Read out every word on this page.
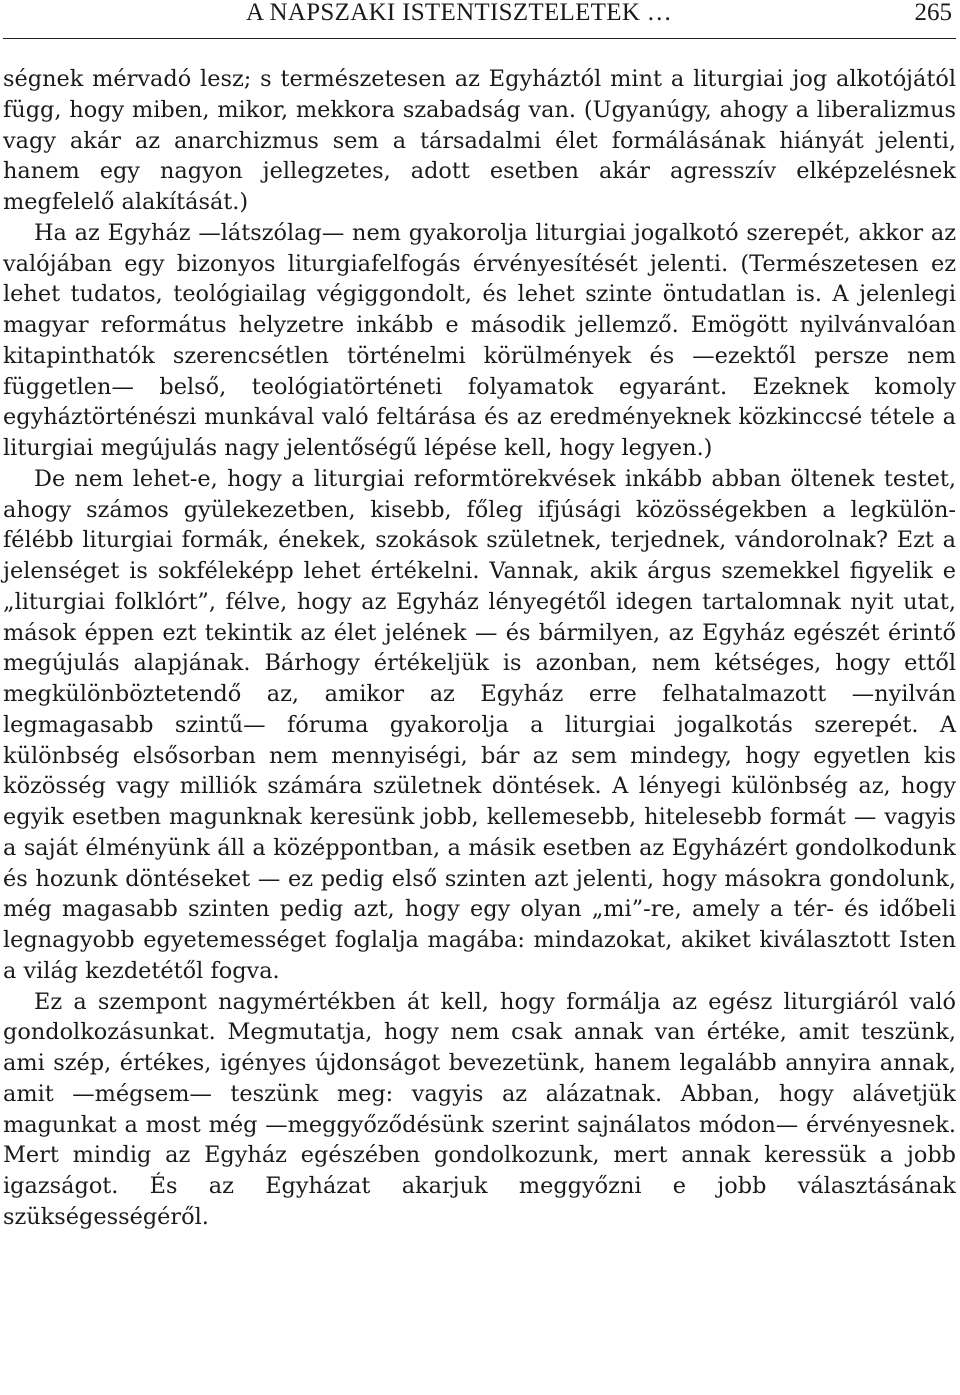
A NAPSZAKI ISTENTISZTELETEK …	265

ségnek mérvadó lesz; s természetesen az Egyháztól mint a liturgiai jog alkotójától függ, hogy miben, mikor, mekkora szabadság van. (Ugyanúgy, ahogy a liberalizmus vagy akár az anarchizmus sem a társadalmi élet formálásának hiányát jelenti, hanem egy nagyon jellegzetes, adott esetben akár agresszív elképzelésnek megfelelő alakítását.)

Ha az Egyház —látszólag— nem gyakorolja liturgiai jogalkotó szerepét, akkor az valójában egy bizonyos liturgiafelfogás érvényesítését jelenti. (Természetesen ez lehet tudatos, teológiailag végiggondolt, és lehet szinte öntudatlan is. A jelenlegi magyar református helyzetre inkább e második jellemző. Emögött nyilvánvalóan kitapinthatók szerencsétlen történelmi körülmények és —ezektől persze nem független— belső, teológiatörténeti folyamatok egyaránt. Ezeknek komoly egyháztörténészi munkával való feltárása és az eredményeknek közkinccsé tétele a liturgiai megújulás nagy jelentőségű lépése kell, hogy legyen.)

De nem lehet-e, hogy a liturgiai reformtörekvések inkább abban öltenek testet, ahogy számos gyülekezetben, kisebb, főleg ifjúsági közösségekben a legkülönfélébb liturgiai formák, énekek, szokások születnek, terjednek, vándorolnak? Ezt a jelenséget is sokféleképp lehet értékelni. Vannak, akik árgus szemekkel figyelik e „liturgiai folklórt”, félve, hogy az Egyház lényegétől idegen tartalomnak nyit utat, mások éppen ezt tekintik az élet jelének — és bármilyen, az Egyház egészét érintő megújulás alapjának. Bárhogy értékeljük is azonban, nem kétséges, hogy ettől megkülönböztetendő az, amikor az Egyház erre felhatalmazott —nyilván legmagasabb szintű— fóruma gyakorolja a liturgiai jogalkotás szerepét. A különbség elsősorban nem mennyiségi, bár az sem mindegy, hogy egyetlen kis közösség vagy milliók számára születnek döntések. A lényegi különbség az, hogy egyik esetben magunknak keresünk jobb, kellemesebb, hitelesebb formát — vagyis a saját élményünk áll a középpontban, a másik esetben az Egyházért gondolkodunk és hozunk döntéseket — ez pedig első szinten azt jelenti, hogy másokra gondolunk, még magasabb szinten pedig azt, hogy egy olyan „mi”-re, amely a tér- és időbeli legnagyobb egyetemességet foglalja magába: mindazokat, akiket kiválasztott Isten a világ kezdetétől fogva.

Ez a szempont nagymértékben át kell, hogy formálja az egész liturgiáról való gondolkozásunkat. Megmutatja, hogy nem csak annak van értéke, amit teszünk, ami szép, értékes, igényes újdonságot bevezetünk, hanem legalább annyira annak, amit —mégsem— teszünk meg: vagyis az alázatnak. Abban, hogy alávetjük magunkat a most még —meggyőződésünk szerint sajnálatos módon— érvényesnek. Mert mindig az Egyház egészében gondolkozunk, mert annak keressük a jobb igazságot. És az Egyházat akarjuk meggyőzni e jobb választásának szükségességéről.
